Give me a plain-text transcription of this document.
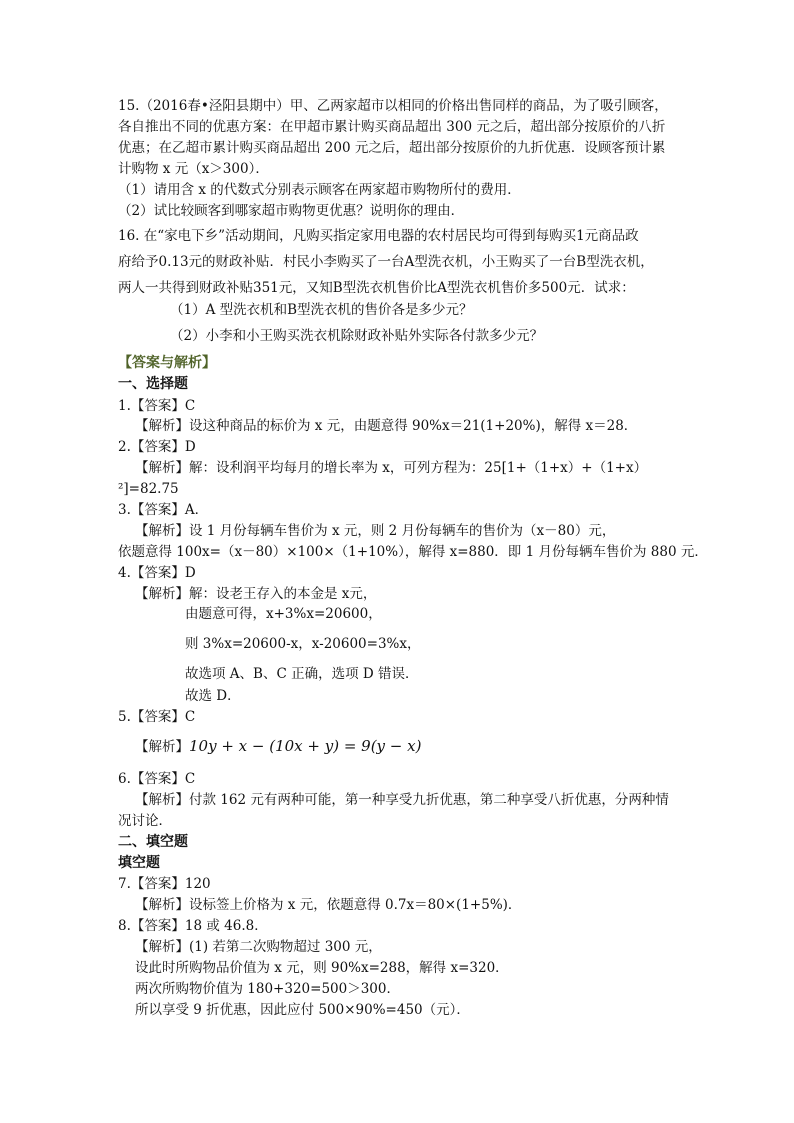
15.（2016春•泾阳县期中）甲、乙两家超市以相同的价格出售同样的商品，为了吸引顾客，
各自推出不同的优惠方案：在甲超市累计购买商品超出 300 元之后，超出部分按原价的八折
优惠；在乙超市累计购买商品超出 200 元之后，超出部分按原价的九折优惠．设顾客预计累
计购物 x 元（x＞300）．
（1）请用含 x 的代数式分别表示顾客在两家超市购物所付的费用．
（2）试比较顾客到哪家超市购物更优惠？说明你的理由．
16. 在“家电下乡”活动期间，凡购买指定家用电器的农村居民均可得到每购买1元商品政
府给予0.13元的财政补贴．村民小李购买了一台A型洗衣机，小王购买了一台B型洗衣机，
两人一共得到财政补贴351元，又知B型洗衣机售价比A型洗衣机售价多500元．试求：
（1）A 型洗衣机和B型洗衣机的售价各是多少元？
（2）小李和小王购买洗衣机除财政补贴外实际各付款多少元？
【答案与解析】
一、选择题
1.【答案】C
【解析】设这种商品的标价为 x 元，由题意得 90%x＝21(1+20%)，解得 x＝28．
2.【答案】D
【解析】解：设利润平均每月的增长率为 x，可列方程为：25[1+（1+x）+（1+x）
²]=82.75
3.【答案】A．
【解析】设 1 月份每辆车售价为 x 元，则 2 月份每辆车的售价为（x－80）元，
依题意得 100x=（x－80）×100×（1+10%），解得 x=880．即 1 月份每辆车售价为 880 元．
4.【答案】D
【解析】解：设老王存入的本金是 x元，
由题意可得，x+3%x=20600，
则 3%x=20600-x，x-20600=3%x，
故选项 A、B、C 正确，选项 D 错误．
故选 D．
5.【答案】C
【解析】10y + x − (10x + y) = 9(y − x)
6.【答案】C
【解析】付款 162 元有两种可能，第一种享受九折优惠，第二种享受八折优惠，分两种情
况讨论．
二、填空题
填空题
7.【答案】120
【解析】设标签上价格为 x 元，依题意得 0.7x＝80×(1+5%)．
8.【答案】18 或 46.8．
【解析】(1) 若第二次购物超过 300 元，
设此时所购物品价值为 x 元，则 90%x=288，解得 x=320．
两次所购物价值为 180+320=500＞300．
所以享受 9 折优惠，因此应付 500×90%=450（元）．
